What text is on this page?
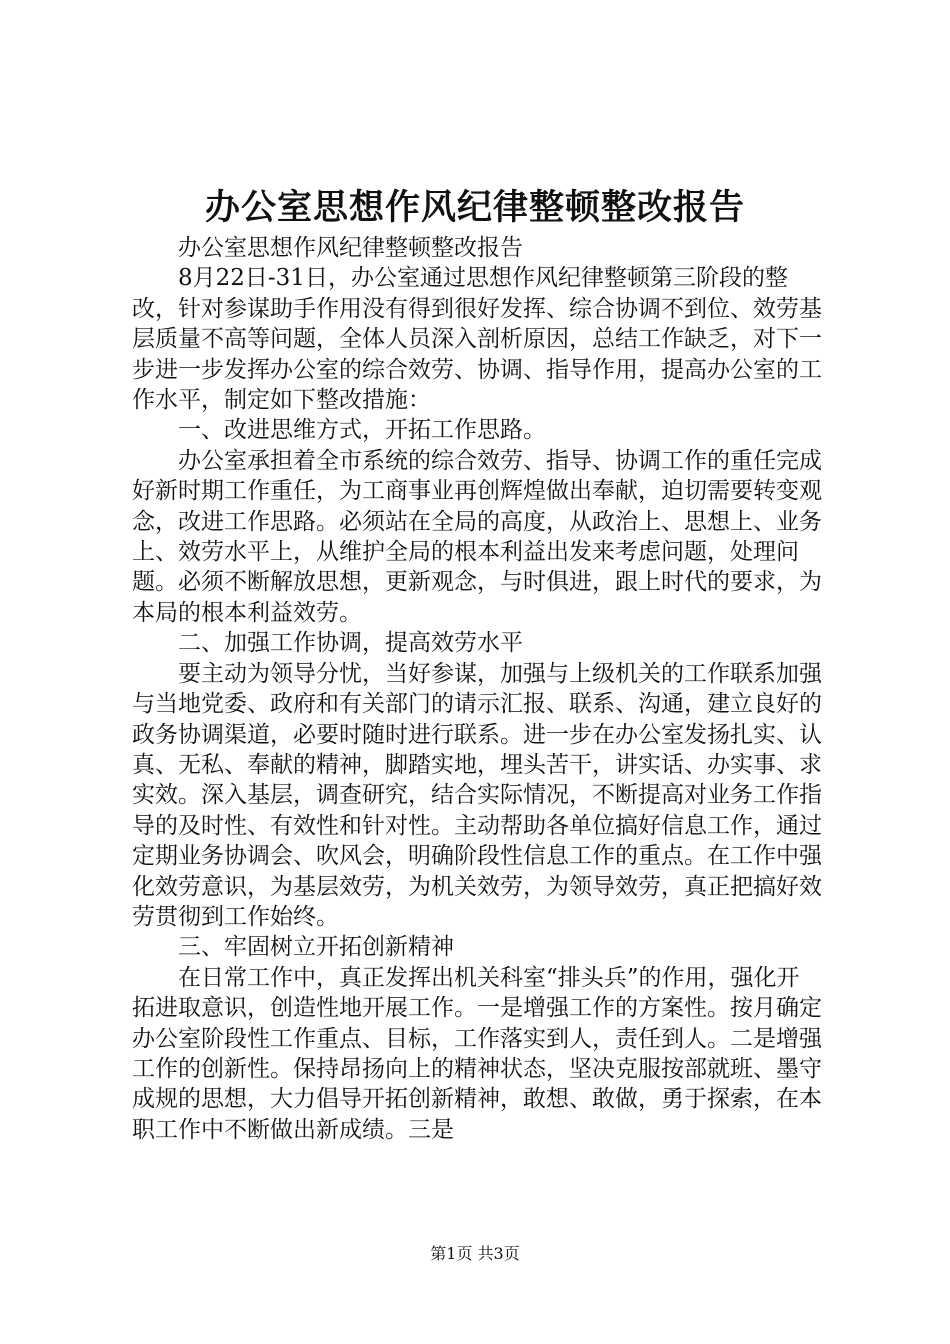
办公室思想作风纪律整顿整改报告

办公室思想作风纪律整顿整改报告

8月22日-31日，办公室通过思想作风纪律整顿第三阶段的整改，针对参谋助手作用没有得到很好发挥、综合协调不到位、效劳基层质量不高等问题，全体人员深入剖析原因，总结工作缺乏，对下一步进一步发挥办公室的综合效劳、协调、指导作用，提高办公室的工作水平，制定如下整改措施：

一、改进思维方式，开拓工作思路。

办公室承担着全市系统的综合效劳、指导、协调工作的重任完成好新时期工作重任，为工商事业再创辉煌做出奉献，迫切需要转变观念，改进工作思路。必须站在全局的高度，从政治上、思想上、业务上、效劳水平上，从维护全局的根本利益出发来考虑问题，处理问题。必须不断解放思想，更新观念，与时俱进，跟上时代的要求，为本局的根本利益效劳。

二、加强工作协调，提高效劳水平

要主动为领导分忧，当好参谋，加强与上级机关的工作联系加强与当地党委、政府和有关部门的请示汇报、联系、沟通，建立良好的政务协调渠道，必要时随时进行联系。进一步在办公室发扬扎实、认真、无私、奉献的精神，脚踏实地，埋头苦干，讲实话、办实事、求实效。深入基层，调查研究，结合实际情况，不断提高对业务工作指导的及时性、有效性和针对性。主动帮助各单位搞好信息工作，通过定期业务协调会、吹风会，明确阶段性信息工作的重点。在工作中强化效劳意识，为基层效劳，为机关效劳，为领导效劳，真正把搞好效劳贯彻到工作始终。

三、牢固树立开拓创新精神

在日常工作中，真正发挥出机关科室“排头兵”的作用，强化开拓进取意识，创造性地开展工作。一是增强工作的方案性。按月确定办公室阶段性工作重点、目标，工作落实到人，责任到人。二是增强工作的创新性。保持昂扬向上的精神状态，坚决克服按部就班、墨守成规的思想，大力倡导开拓创新精神，敢想、敢做，勇于探索，在本职工作中不断做出新成绩。三是

第1页 共3页
